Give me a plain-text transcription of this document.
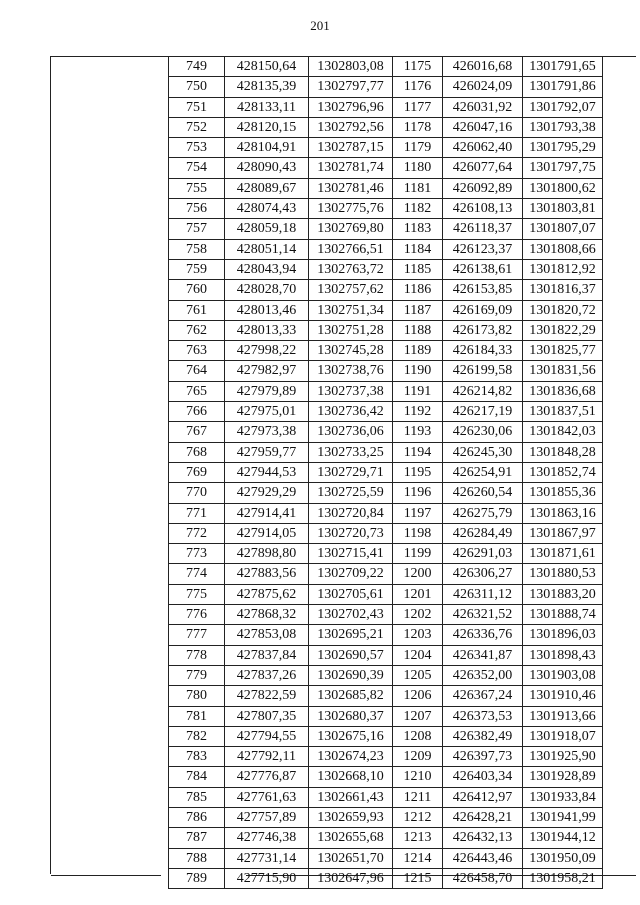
201
749	428150,64	1302803,08	1175	426016,68	1301791,65
750	428135,39	1302797,77	1176	426024,09	1301791,86
751	428133,11	1302796,96	1177	426031,92	1301792,07
752	428120,15	1302792,56	1178	426047,16	1301793,38
753	428104,91	1302787,15	1179	426062,40	1301795,29
754	428090,43	1302781,74	1180	426077,64	1301797,75
755	428089,67	1302781,46	1181	426092,89	1301800,62
756	428074,43	1302775,76	1182	426108,13	1301803,81
757	428059,18	1302769,80	1183	426118,37	1301807,07
758	428051,14	1302766,51	1184	426123,37	1301808,66
759	428043,94	1302763,72	1185	426138,61	1301812,92
760	428028,70	1302757,62	1186	426153,85	1301816,37
761	428013,46	1302751,34	1187	426169,09	1301820,72
762	428013,33	1302751,28	1188	426173,82	1301822,29
763	427998,22	1302745,28	1189	426184,33	1301825,77
764	427982,97	1302738,76	1190	426199,58	1301831,56
765	427979,89	1302737,38	1191	426214,82	1301836,68
766	427975,01	1302736,42	1192	426217,19	1301837,51
767	427973,38	1302736,06	1193	426230,06	1301842,03
768	427959,77	1302733,25	1194	426245,30	1301848,28
769	427944,53	1302729,71	1195	426254,91	1301852,74
770	427929,29	1302725,59	1196	426260,54	1301855,36
771	427914,41	1302720,84	1197	426275,79	1301863,16
772	427914,05	1302720,73	1198	426284,49	1301867,97
773	427898,80	1302715,41	1199	426291,03	1301871,61
774	427883,56	1302709,22	1200	426306,27	1301880,53
775	427875,62	1302705,61	1201	426311,12	1301883,20
776	427868,32	1302702,43	1202	426321,52	1301888,74
777	427853,08	1302695,21	1203	426336,76	1301896,03
778	427837,84	1302690,57	1204	426341,87	1301898,43
779	427837,26	1302690,39	1205	426352,00	1301903,08
780	427822,59	1302685,82	1206	426367,24	1301910,46
781	427807,35	1302680,37	1207	426373,53	1301913,66
782	427794,55	1302675,16	1208	426382,49	1301918,07
783	427792,11	1302674,23	1209	426397,73	1301925,90
784	427776,87	1302668,10	1210	426403,34	1301928,89
785	427761,63	1302661,43	1211	426412,97	1301933,84
786	427757,89	1302659,93	1212	426428,21	1301941,99
787	427746,38	1302655,68	1213	426432,13	1301944,12
788	427731,14	1302651,70	1214	426443,46	1301950,09
789	427715,90	1302647,96	1215	426458,70	1301958,21
